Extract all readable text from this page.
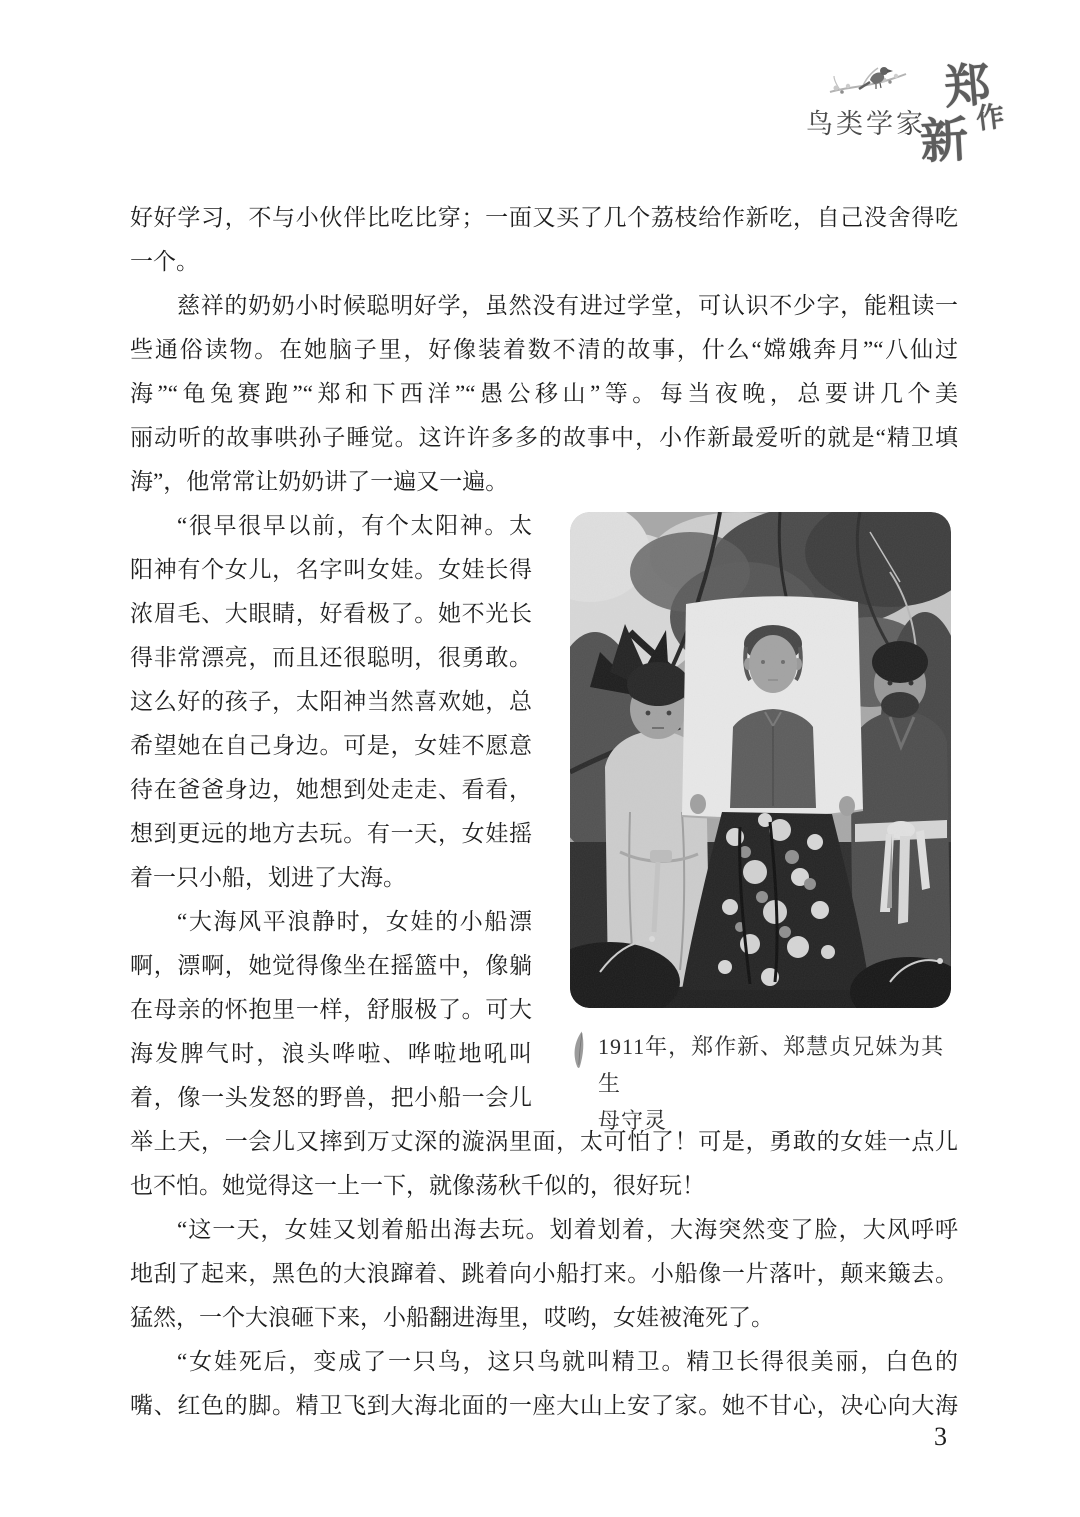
鸟类学家
郑
作
新
好好学习，不与小伙伴比吃比穿；一面又买了几个荔枝给作新吃，自己没舍得吃
一个。
慈祥的奶奶小时候聪明好学，虽然没有进过学堂，可认识不少字，能粗读一
些通俗读物。在她脑子里，好像装着数不清的故事，什么“嫦娥奔月”“八仙过
海”“龟兔赛跑”“郑和下西洋”“愚公移山”等。每当夜晚，总要讲几个美
丽动听的故事哄孙子睡觉。这许许多多的故事中，小作新最爱听的就是“精卫填
海”，他常常让奶奶讲了一遍又一遍。
“很早很早以前，有个太阳神。太
阳神有个女儿，名字叫女娃。女娃长得
浓眉毛、大眼睛，好看极了。她不光长
得非常漂亮，而且还很聪明，很勇敢。
这么好的孩子，太阳神当然喜欢她，总
希望她在自己身边。可是，女娃不愿意
待在爸爸身边，她想到处走走、看看，
想到更远的地方去玩。有一天，女娃摇
着一只小船，划进了大海。
“大海风平浪静时，女娃的小船漂
啊，漂啊，她觉得像坐在摇篮中，像躺
在母亲的怀抱里一样，舒服极了。可大
海发脾气时，浪头哗啦、哗啦地吼叫
着，像一头发怒的野兽，把小船一会儿
1911年，郑作新、郑慧贞兄妹为其生
母守灵
举上天，一会儿又摔到万丈深的漩涡里面，太可怕了！可是，勇敢的女娃一点儿
也不怕。她觉得这一上一下，就像荡秋千似的，很好玩！
“这一天，女娃又划着船出海去玩。划着划着，大海突然变了脸，大风呼呼
地刮了起来，黑色的大浪蹿着、跳着向小船打来。小船像一片落叶，颠来簸去。
猛然，一个大浪砸下来，小船翻进海里，哎哟，女娃被淹死了。
“女娃死后，变成了一只鸟，这只鸟就叫精卫。精卫长得很美丽，白色的
嘴、红色的脚。精卫飞到大海北面的一座大山上安了家。她不甘心，决心向大海
3
